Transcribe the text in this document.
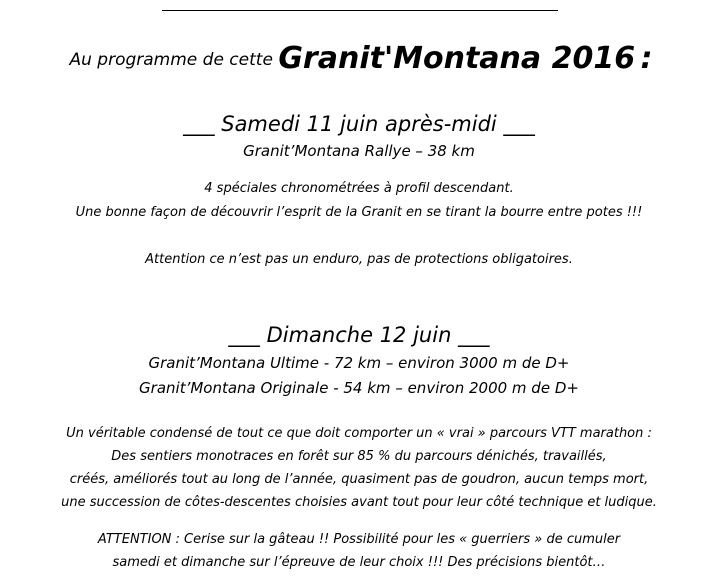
Au programme de cette Granit'Montana 2016 :
___ Samedi 11 juin après-midi ___
Granit’Montana Rallye – 38 km
4 spéciales chronométrées à profil descendant.
Une bonne façon de découvrir l’esprit de la Granit en se tirant la bourre entre potes !!!
Attention ce n’est pas un enduro, pas de protections obligatoires.
___ Dimanche 12 juin ___
Granit’Montana Ultime - 72 km – environ 3000 m de D+
Granit’Montana Originale - 54 km – environ 2000 m de D+
Un véritable condensé de tout ce que doit comporter un « vrai » parcours VTT marathon :
Des sentiers monotraces en forêt sur 85 % du parcours dénichés, travaillés,
créés, améliorés tout au long de l’année, quasiment pas de goudron, aucun temps mort,
une succession de côtes-descentes choisies avant tout pour leur côté technique et ludique.
ATTENTION : Cerise sur la gâteau !! Possibilité pour les « guerriers » de cumuler
samedi et dimanche sur l’épreuve de leur choix !!! Des précisions bientôt…
